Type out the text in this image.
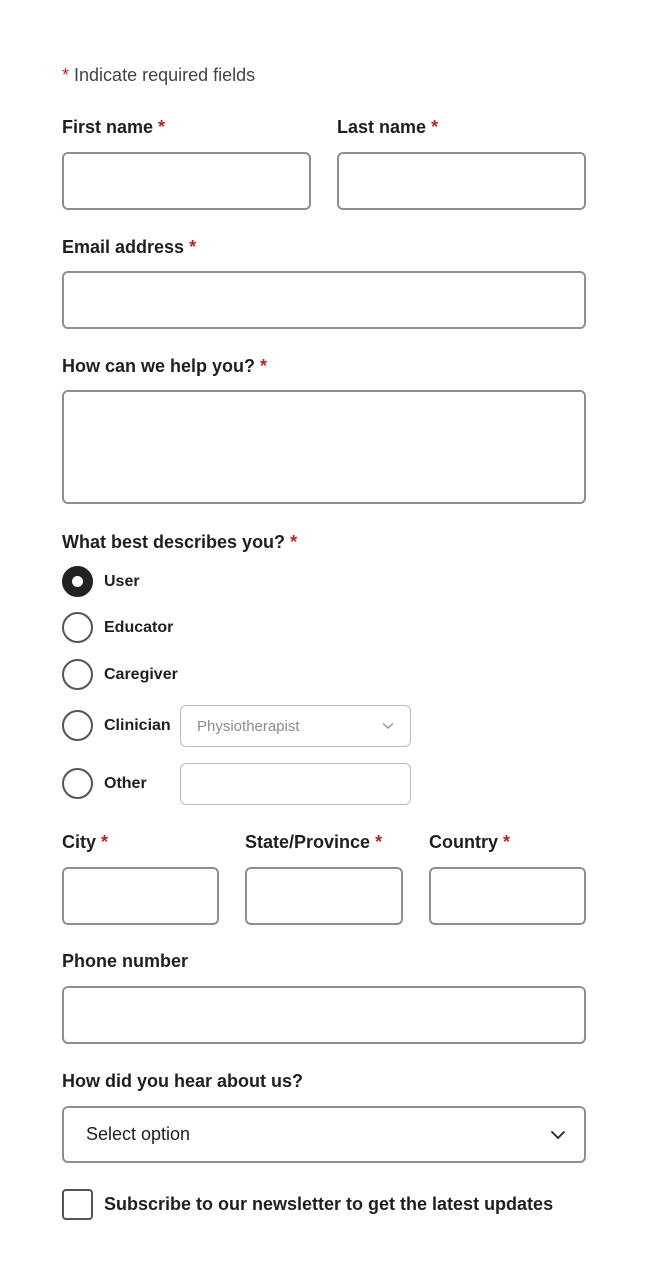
* Indicate required fields
First name *	Last name *
Email address *
How can we help you? *
What best describes you? *
User
Educator
Caregiver
Clinician Physiotherapist
Other
City *	State/Province *	Country *
Phone number
How did you hear about us?
Select option
Subscribe to our newsletter to get the latest updates
